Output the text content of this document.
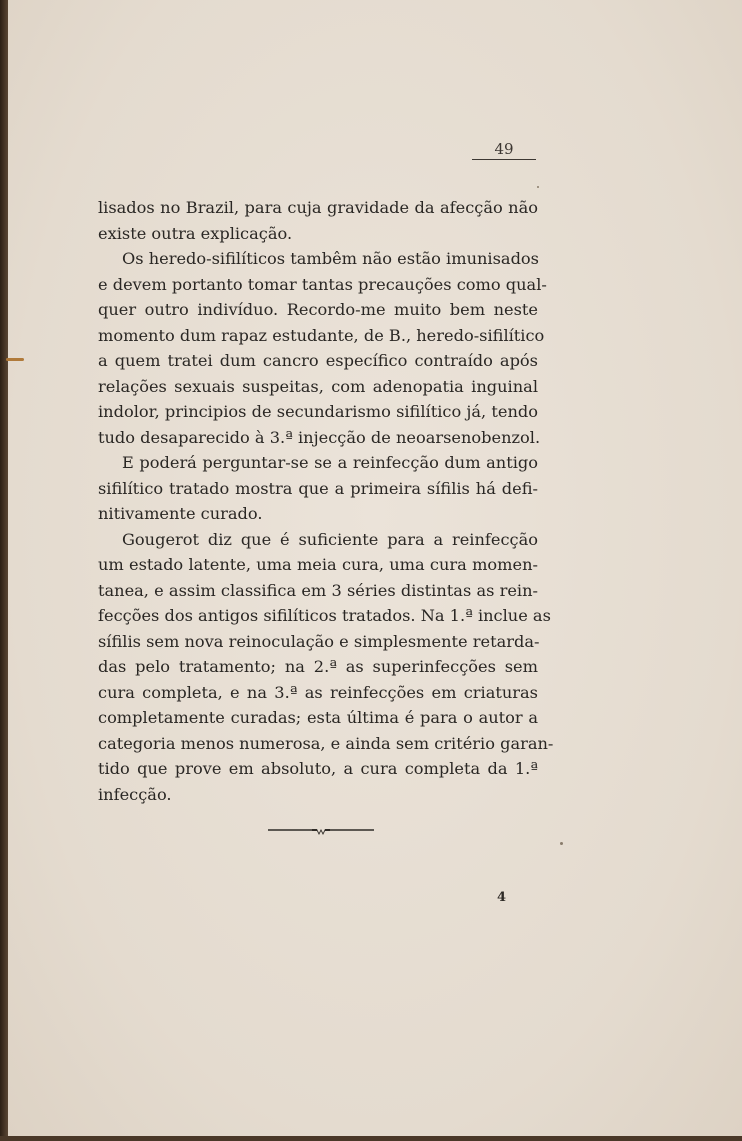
49
lisados no Brazil, para cuja gravidade da afecção não
existe outra explicação.
Os heredo-sifilíticos tambêm não estão imunisados
e devem portanto tomar tantas precauções como qual-
quer outro indivíduo. Recordo-me muito bem neste
momento dum rapaz estudante, de B., heredo-sifilítico
a quem tratei dum cancro específico contraído após
relações sexuais suspeitas, com adenopatia inguinal
indolor, principios de secundarismo sifilítico já, tendo
tudo desaparecido à 3.ª injecção de neoarsenobenzol.
E poderá perguntar-se se a reinfecção dum antigo
sifilítico tratado mostra que a primeira sífilis há defi-
nitivamente curado.
Gougerot diz que é suficiente para a reinfecção
um estado latente, uma meia cura, uma cura momen-
tanea, e assim classifica em 3 séries distintas as rein-
fecções dos antigos sifilíticos tratados. Na 1.ª inclue as
sífilis sem nova reinoculação e simplesmente retarda-
das pelo tratamento; na 2.ª as superinfecções sem
cura completa, e na 3.ª as reinfecções em criaturas
completamente curadas; esta última é para o autor a
categoria menos numerosa, e ainda sem critério garan-
tido que prove em absoluto, a cura completa da 1.ª
infecção.
4
